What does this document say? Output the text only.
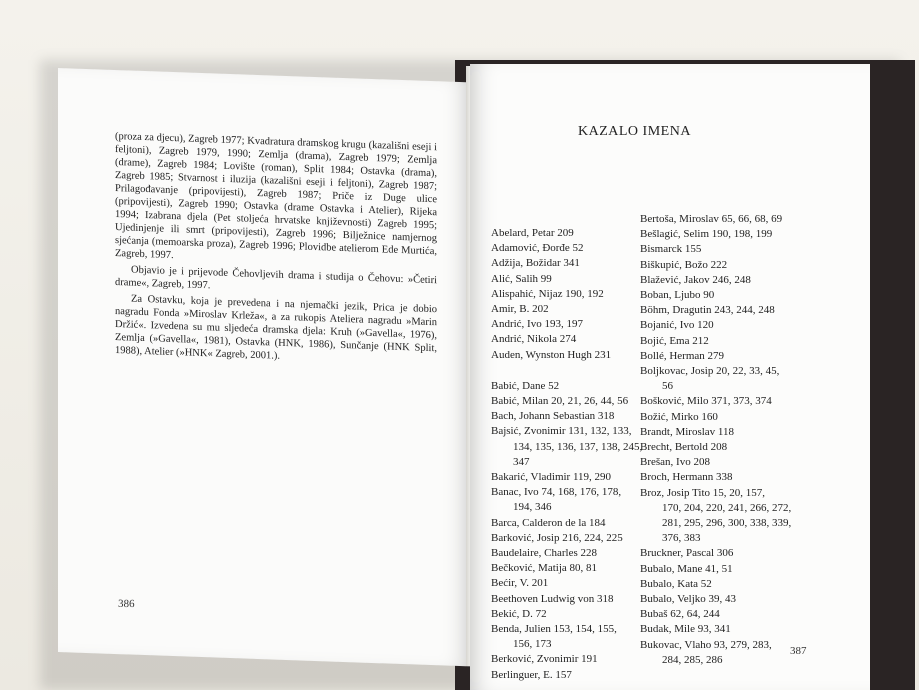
(proza za djecu), Zagreb 1977; Kvadratura dramskog krugu (kazališni eseji i feljtoni), Zagreb 1979, 1990; Zemlja (drama), Zagreb 1979; Zemlja (drame), Zagreb 1984; Lovište (roman), Split 1984; Ostavka (drama), Zagreb 1985; Stvarnost i iluzija (kazališni eseji i feljtoni), Zagreb 1987; Prilagođavanje (pripovijesti), Zagreb 1987; Priče iz Duge ulice (pripovijesti), Zagreb 1990; Ostavka (drame Ostavka i Atelier), Rijeka 1994; Izabrana djela (Pet stoljeća hrvatske književnosti) Zagreb 1995; Ujedinjenje ili smrt (pripovijesti), Zagreb 1996; Bilježnice namjernog sjećanja (memoarska proza), Zagreb 1996; Plovidbe atelierom Ede Murtića, Zagreb, 1997.

Objavio je i prijevode Čehovljevih drama i studija o Čehovu: »Četiri drame«, Zagreb, 1997.

Za Ostavku, koja je prevedena i na njemački jezik, Prica je dobio nagradu Fonda »Miroslav Krleža«, a za rukopis Ateliera nagradu »Marin Držić«. Izvedena su mu sljedeća dramska djela: Kruh (»Gavella«, 1976), Zemlja (»Gavella«, 1981), Ostavka (HNK, 1986), Sunčanje (HNK Split, 1988), Atelier (»HNK« Zagreb, 2001.).

386
KAZALO IMENA
Abelard, Petar 209
Adamović, Đorđe 52
Adžija, Božidar 341
Alić, Salih 99
Alispahić, Nijaz 190, 192
Amir, B. 202
Andrić, Ivo 193, 197
Andrić, Nikola 274
Auden, Wynston Hugh 231
Babić, Dane 52
Babić, Milan 20, 21, 26, 44, 56
Bach, Johann Sebastian 318
Bajsić, Zvonimir 131, 132, 133,
134, 135, 136, 137, 138, 245,
347
Bakarić, Vladimir 119, 290
Banac, Ivo 74, 168, 176, 178,
194, 346
Barca, Calderon de la 184
Barković, Josip 216, 224, 225
Baudelaire, Charles 228
Bečković, Matija 80, 81
Bećir, V. 201
Beethoven Ludwig von 318
Bekić, D. 72
Benda, Julien 153, 154, 155,
156, 173
Berković, Zvonimir 191
Berlinguer, E. 157
Bertoša, Miroslav 65, 66, 68, 69
Bešlagić, Selim 190, 198, 199
Bismarck 155
Biškupić, Božo 222
Blažević, Jakov 246, 248
Boban, Ljubo 90
Böhm, Dragutin 243, 244, 248
Bojanić, Ivo 120
Bojić, Ema 212
Bollé, Herman 279
Boljkovac, Josip 20, 22, 33, 45,
56
Bošković, Milo 371, 373, 374
Božić, Mirko 160
Brandt, Miroslav 118
Brecht, Bertold 208
Brešan, Ivo 208
Broch, Hermann 338
Broz, Josip Tito 15, 20, 157,
170, 204, 220, 241, 266, 272,
281, 295, 296, 300, 338, 339,
376, 383
Bruckner, Pascal 306
Bubalo, Mane 41, 51
Bubalo, Kata 52
Bubalo, Veljko 39, 43
Bubaš 62, 64, 244
Budak, Mile 93, 341
Bukovac, Vlaho 93, 279, 283,
284, 285, 286
387
